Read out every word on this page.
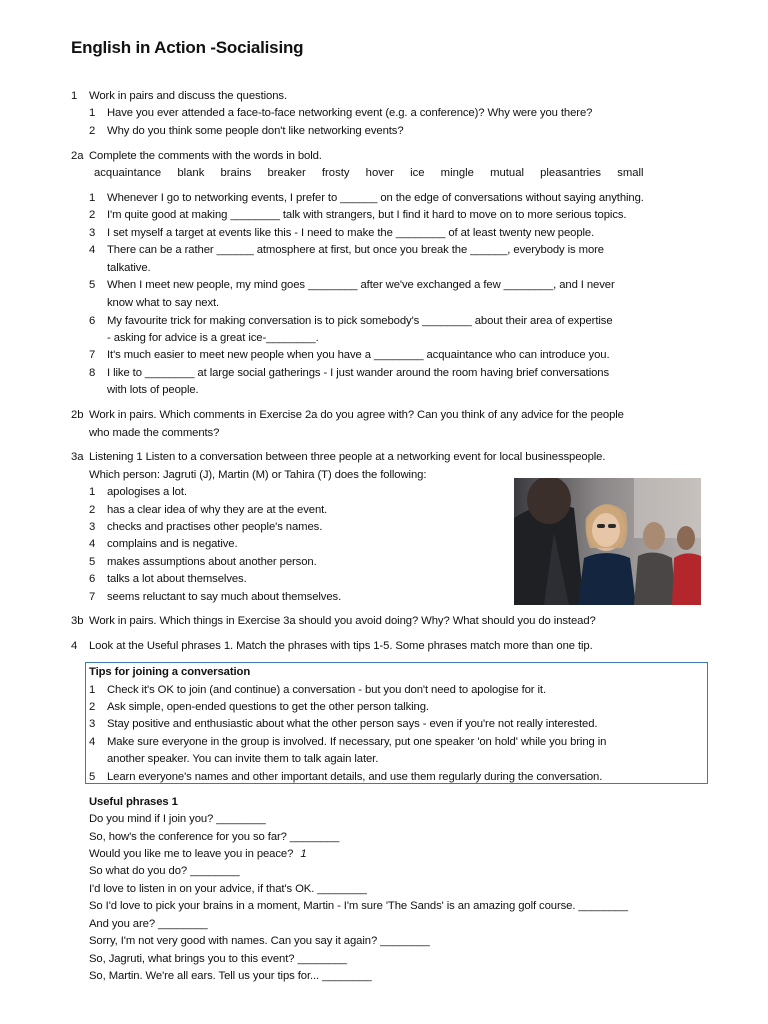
English in Action -Socialising
1 Work in pairs and discuss the questions.
1 Have you ever attended a face-to-face networking event (e.g. a conference)? Why were you there?
2 Why do you think some people don't like networking events?
2a Complete the comments with the words in bold.
acquaintance blank brains breaker frosty hover ice mingle mutual pleasantries small
1 Whenever I go to networking events, I prefer to ______ on the edge of conversations without saying anything.
2 I'm quite good at making ________ talk with strangers, but I find it hard to move on to more serious topics.
3 I set myself a target at events like this - I need to make the ________ of at least twenty new people.
4 There can be a rather ______ atmosphere at first, but once you break the ______, everybody is more
talkative.
5 When I meet new people, my mind goes ________ after we've exchanged a few ________, and I never
know what to say next.
6 My favourite trick for making conversation is to pick somebody's ________ about their area of expertise
- asking for advice is a great ice-________.
7 It's much easier to meet new people when you have a ________ acquaintance who can introduce you.
8 I like to ________ at large social gatherings - I just wander around the room having brief conversations
with lots of people.
2b Work in pairs. Which comments in Exercise 2a do you agree with? Can you think of any advice for the people
who made the comments?
3a Listening 1 Listen to a conversation between three people at a networking event for local businesspeople.
Which person: Jagruti (J), Martin (M) or Tahira (T) does the following:
1 apologises a lot.
2 has a clear idea of why they are at the event.
3 checks and practises other people's names.
4 complains and is negative.
5 makes assumptions about another person.
6 talks a lot about themselves.
7 seems reluctant to say much about themselves.
3b Work in pairs. Which things in Exercise 3a should you avoid doing? Why? What should you do instead?
4 Look at the Useful phrases 1. Match the phrases with tips 1-5. Some phrases match more than one tip.
Tips for joining a conversation
1 Check it's OK to join (and continue) a conversation - but you don't need to apologise for it.
2 Ask simple, open-ended questions to get the other person talking.
3 Stay positive and enthusiastic about what the other person says - even if you're not really interested.
4 Make sure everyone in the group is involved. If necessary, put one speaker 'on hold' while you bring in
another speaker. You can invite them to talk again later.
5 Learn everyone's names and other important details, and use them regularly during the conversation.
Useful phrases 1
Do you mind if I join you? ________
So, how's the conference for you so far? ________
Would you like me to leave you in peace? 1
So what do you do? ________
I'd love to listen in on your advice, if that's OK. ________
So I'd love to pick your brains in a moment, Martin - I'm sure 'The Sands' is an amazing golf course. ________
And you are? ________
Sorry, I'm not very good with names. Can you say it again? ________
So, Jagruti, what brings you to this event? ________
So, Martin. We're all ears. Tell us your tips for... ________
